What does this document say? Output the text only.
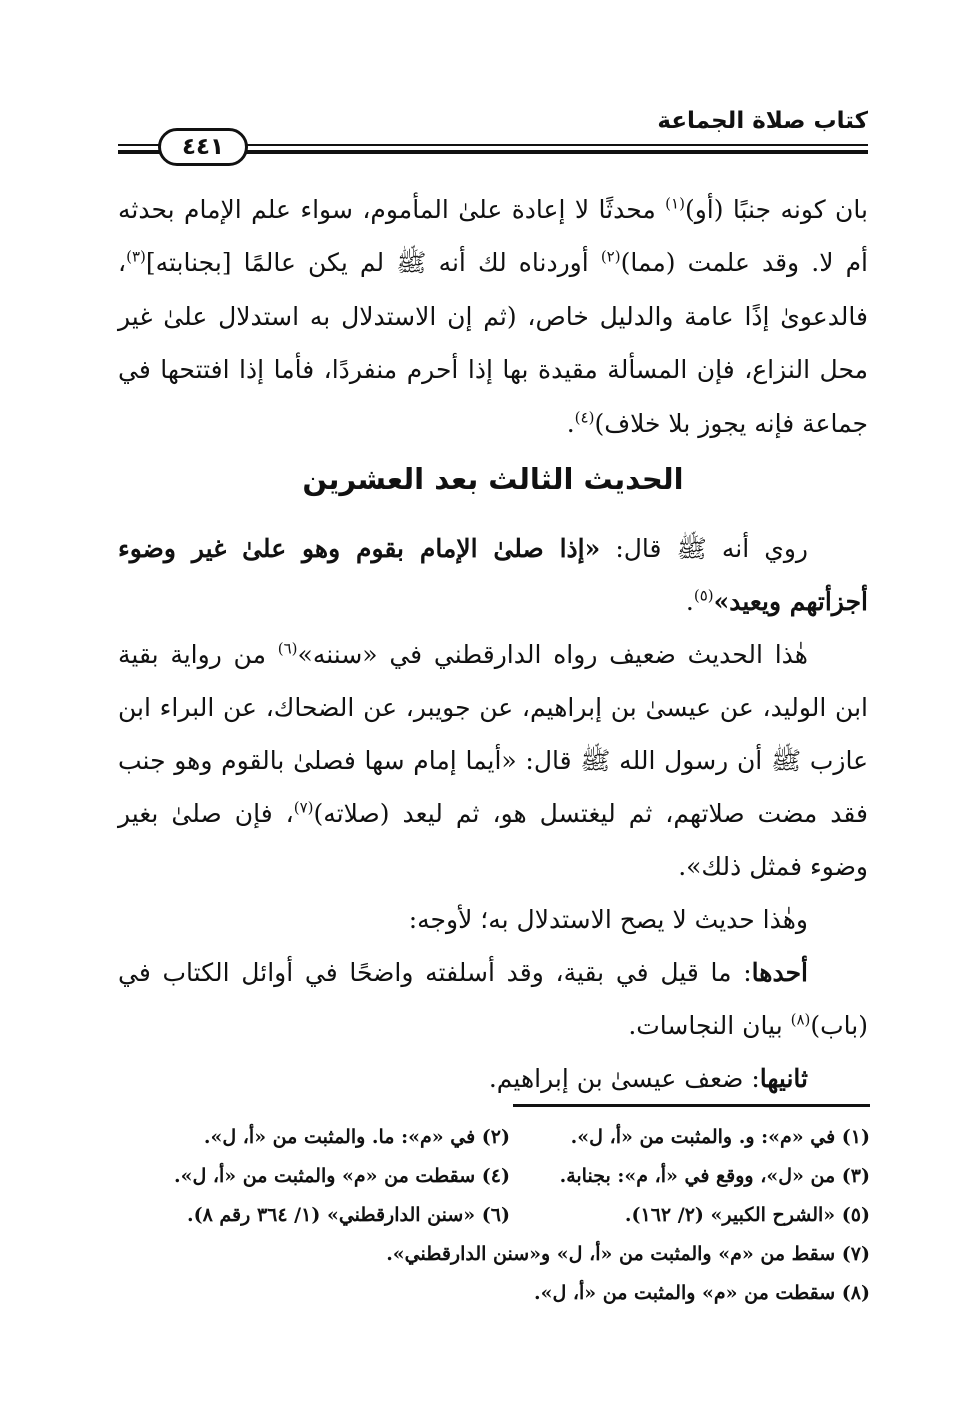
كتاب صلاة الجماعة
٤٤١

بان كونه جنبًا (أو)$^{(١)}$ محدثًا لا إعادة علىٰ المأموم، سواء علم الإمام بحدثه أم لا. وقد علمت (مما)$^{(٢)}$ أوردناه لك أنه ﷺ لم يكن عالمًا [بجنابته]$^{(٣)}$، فالدعوىٰ إذًا عامة والدليل خاص، (ثم إن الاستدلال به استدلال علىٰ غير محل النزاع، فإن المسألة مقيدة بها إذا أحرم منفردًا، فأما إذا افتتحها في جماعة فإنه يجوز بلا خلاف)$^{(٤)}$.

الحديث الثالث بعد العشرين

روي أنه ﷺ قال: «إذا صلىٰ الإمام بقوم وهو علىٰ غير وضوء أجزأتهم ويعيد»$^{(٥)}$.

هٰذا الحديث ضعيف رواه الدارقطني في «سننه»$^{(٦)}$ من رواية بقية ابن الوليد، عن عيسىٰ بن إبراهيم، عن جويبر، عن الضحاك، عن البراء ابن عازب ﷺ أن رسول الله ﷺ قال: «أيما إمام سها فصلىٰ بالقوم وهو جنب فقد مضت صلاتهم، ثم ليغتسل هو، ثم ليعد (صلاته)$^{(٧)}$، فإن صلىٰ بغير وضوء فمثل ذلك».

وهٰذا حديث لا يصح الاستدلال به؛ لأوجه:

أحدها: ما قيل في بقية، وقد أسلفته واضحًا في أوائل الكتاب في (باب)$^{(٨)}$ بيان النجاسات.

ثانيها: ضعف عيسىٰ بن إبراهيم.

(١) في «م»: و. والمثبت من «أ، ل».
(٢) في «م»: ما. والمثبت من «أ، ل».
(٣) من «ل»، ووقع في «أ، م»: بجنابة.
(٤) سقطت من «م» والمثبت من «أ، ل».
(٥) «الشرح الكبير» (٢/ ١٦٢).
(٦) «سنن الدارقطني» (١/ ٣٦٤ رقم ٨).
(٧) سقط من «م» والمثبت من «أ، ل» و«سنن الدارقطني».
(٨) سقطت من «م» والمثبت من «أ، ل».
